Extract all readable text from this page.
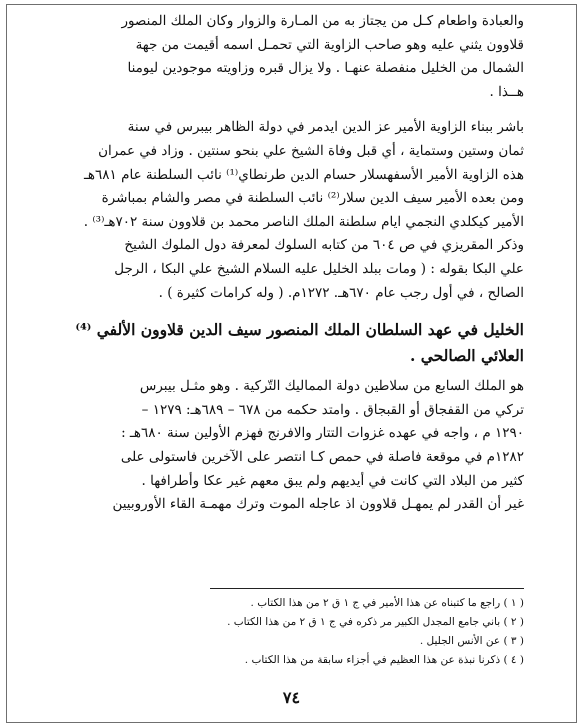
والعبادة واطعام كـل من يجتاز به من المـارة والزوار وكان الملك المنصور
قلاوون يثني عليه وهو صاحب الزاوية التي تحمـل اسمه أقيمت من جهة
الشمال من الخليل منفصلة عنهـا . ولا يزال قبره وزاويته موجودين ليومنا
هــذا .
باشر ببناء الزاوية الأمير عز الدين ايدمر في دولة الظاهر بيبرس في سنة
ثمان وستين وستماية ، أي قبل وفاة الشيخ علي بنحو سنتين . وزاد في عمران
هذه الزاوية الأمير الأسفهسلار حسام الدين طرنطاي⁽¹⁾ نائب السلطنة عام ٦٨١هـ
ومن بعده الأمير سيف الدين سلار⁽²⁾ نائب السلطنة في مصر والشام بمباشرة
الأمير كيكلدي النجمي ايام سلطنة الملك الناصر محمد بن قلاوون سنة ٧٠٢هـ⁽³⁾ .
وذكر المقريزي في ص ٦٠٤ من كتابه السلوك لمعرفة دول الملوك الشيخ
علي البكا بقوله : ( ومات ببلد الخليل عليه السلام الشيخ علي البكا ، الرجل
الصالح ، في أول رجب عام ٦٧٠هـ. ١٢٧٢م. ( وله كرامات كثيرة ) .
الخليل في عهد السلطان الملك المنصور سيف الدين قلاوون الألفي ⁽⁴⁾
العلائي الصالحي .
هو الملك السابع من سلاطين دولة المماليك التّركية . وهو مثـل بيبرس
تركي من القفجاق أو القبجاق . وامتد حكمه من ٦٧٨ – ٦٨٩هـ: ١٢٧٩ –
١٢٩٠ م ، واجه في عهده غزوات التتار والافرنج فهزم الأولين سنة ٦٨٠هـ :
١٢٨٢م في موقعة فاصلة في حمص كـا انتصر على الآخرين فاستولى على
كثير من البلاد التي كانت في أيديهم ولم يبق معهم غير عكا وأطرافها .
غير أن القدر لم يمهـل قلاوون اذ عاجله الموت وترك مهمـة القاء الأوروبيين
( ١ ) راجع ما كتبناه عن هذا الأمير في ج ١ ق ٢ من هذا الكتاب .
( ٢ ) باني جامع المجدل الكبير مر ذكره في ج ١ ق ٢ من هذا الكتاب .
( ٣ ) عن الأنس الجليل .
( ٤ ) ذكرنا نبذة عن هذا العظيم في أجزاء سابقة من هذا الكتاب .
٧٤
